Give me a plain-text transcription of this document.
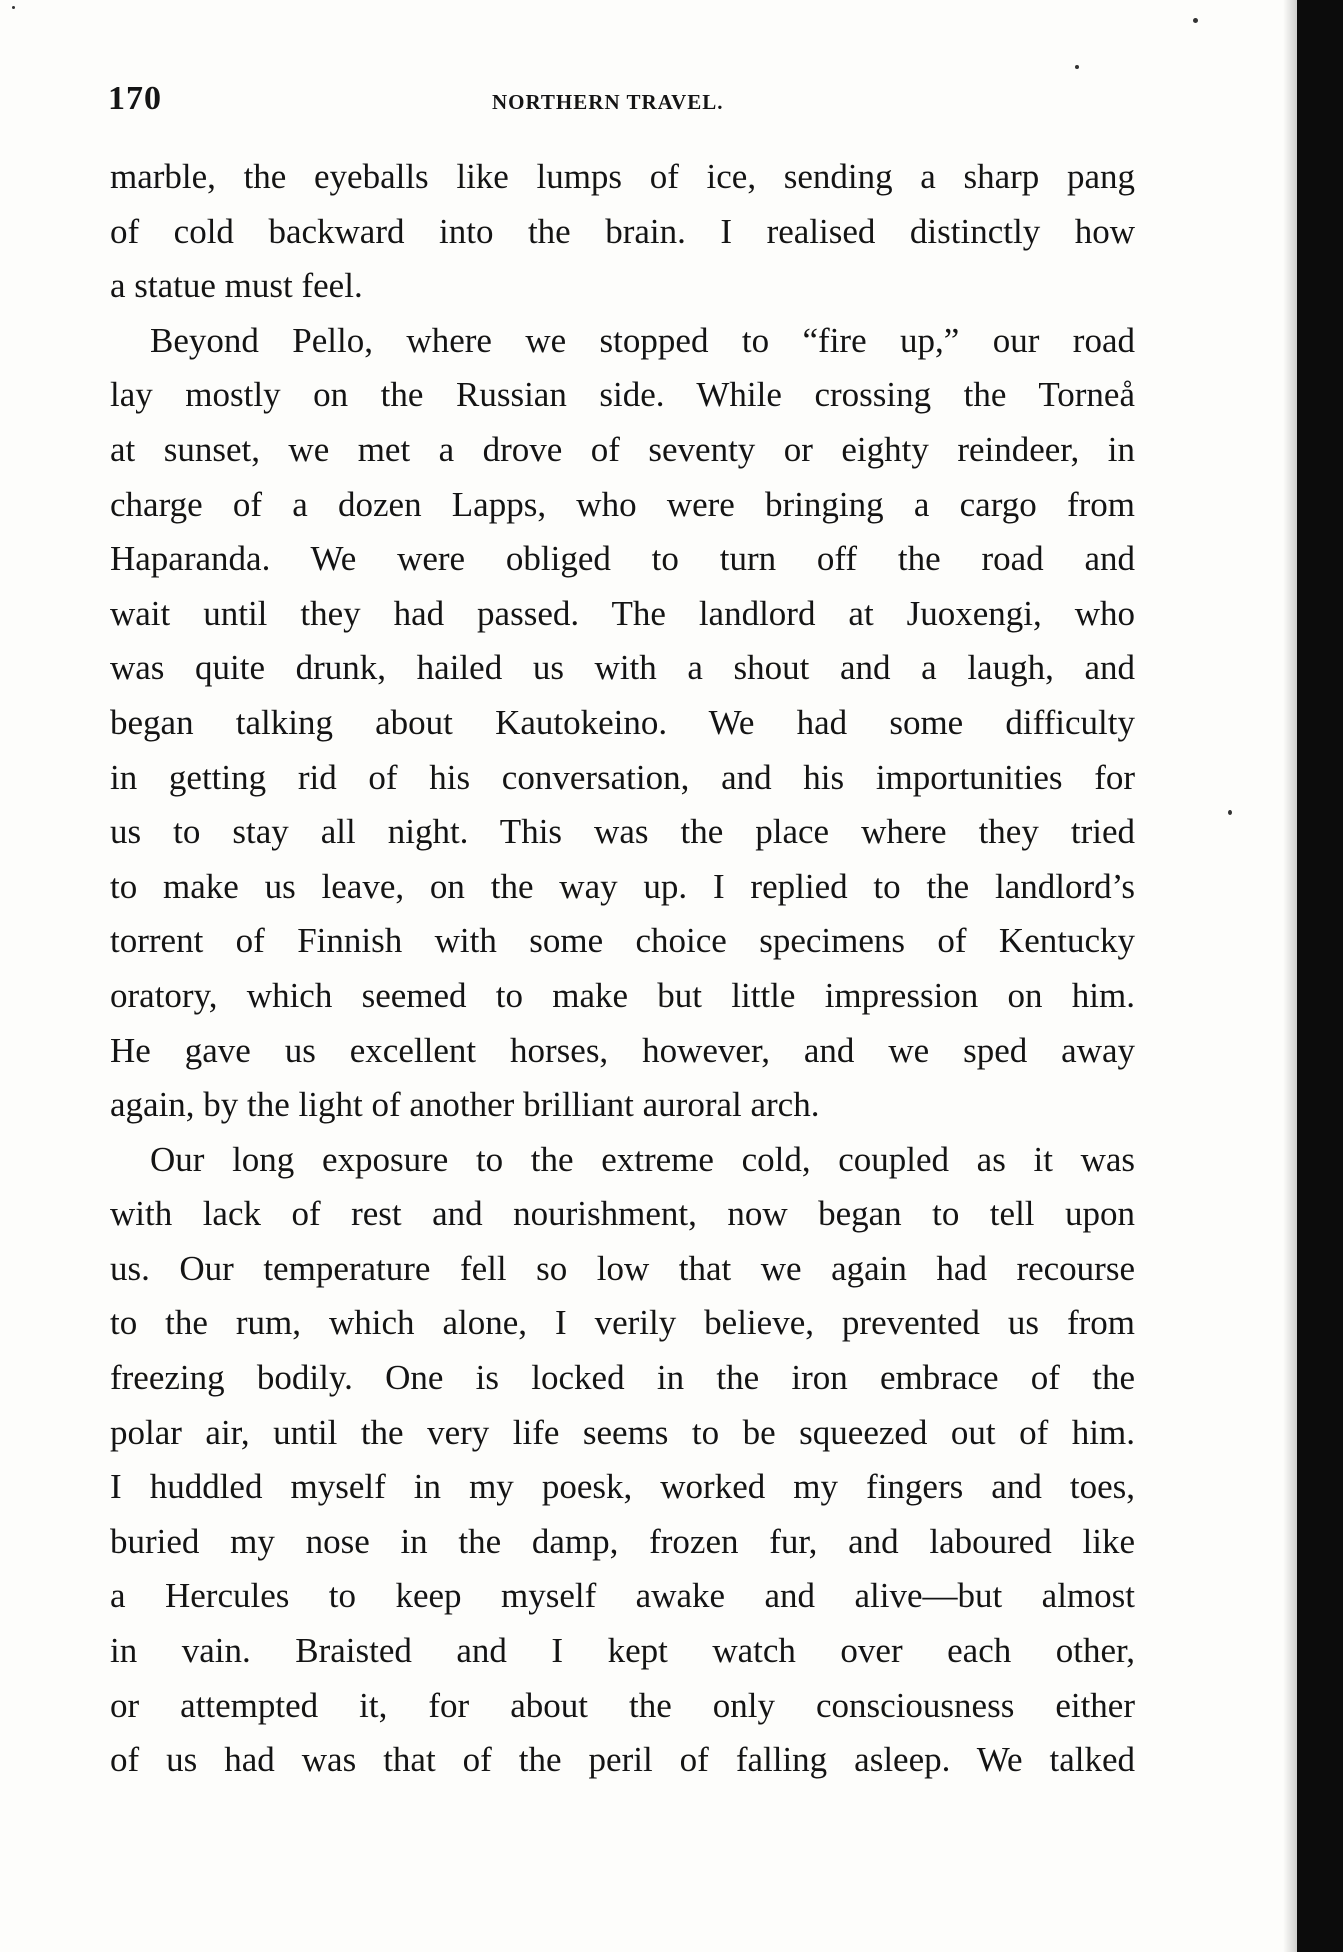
170	NORTHERN TRAVEL.
marble, the eyeballs like lumps of ice, sending a sharp pang
of cold backward into the brain. I realised distinctly how
a statue must feel.
Beyond Pello, where we stopped to “fire up,” our road
lay mostly on the Russian side. While crossing the Torneå
at sunset, we met a drove of seventy or eighty reindeer, in
charge of a dozen Lapps, who were bringing a cargo from
Haparanda. We were obliged to turn off the road and
wait until they had passed. The landlord at Juoxengi, who
was quite drunk, hailed us with a shout and a laugh, and
began talking about Kautokeino. We had some difficulty
in getting rid of his conversation, and his importunities for
us to stay all night. This was the place where they tried
to make us leave, on the way up. I replied to the landlord’s
torrent of Finnish with some choice specimens of Kentucky
oratory, which seemed to make but little impression on him.
He gave us excellent horses, however, and we sped away
again, by the light of another brilliant auroral arch.
Our long exposure to the extreme cold, coupled as it was
with lack of rest and nourishment, now began to tell upon
us. Our temperature fell so low that we again had recourse
to the rum, which alone, I verily believe, prevented us from
freezing bodily. One is locked in the iron embrace of the
polar air, until the very life seems to be squeezed out of him.
I huddled myself in my poesk, worked my fingers and toes,
buried my nose in the damp, frozen fur, and laboured like
a Hercules to keep myself awake and alive—but almost
in vain. Braisted and I kept watch over each other,
or attempted it, for about the only consciousness either
of us had was that of the peril of falling asleep. We talked
